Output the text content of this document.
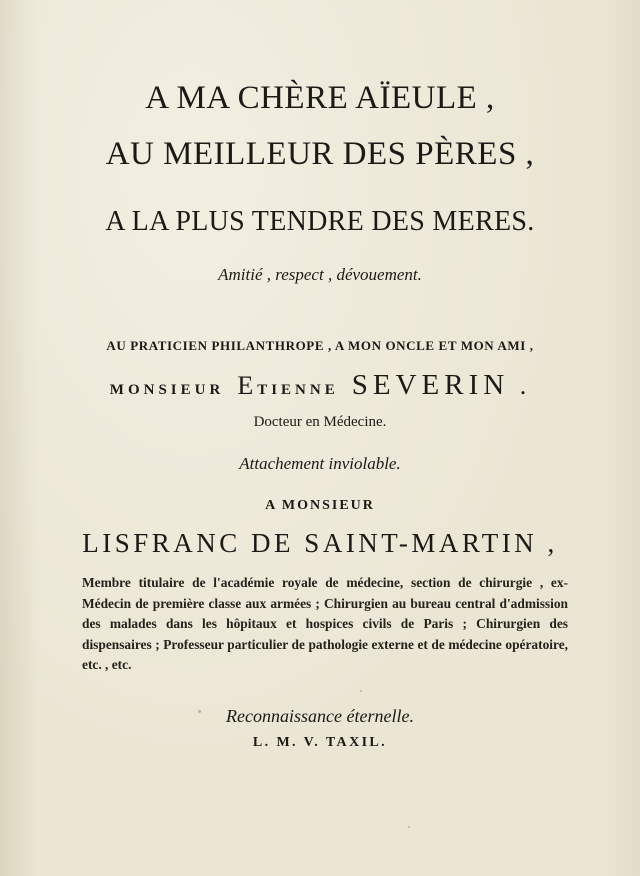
A MA CHÈRE AÏEULE ,
AU MEILLEUR DES PÈRES ,
A LA PLUS TENDRE DES MERES.
Amitié , respect , dévouement.
AU PRATICIEN PHILANTHROPE , A MON ONCLE ET MON AMI ,
MONSIEUR ETIENNE SEVERIN .
Docteur en Médecine.
Attachement inviolable.
A MONSIEUR
LISFRANC DE SAINT-MARTIN ,
Membre titulaire de l'académie royale de médecine, section de chirurgie , ex-Médecin de première classe aux armées ; Chirurgien au bureau central d'admission des malades dans les hôpitaux et hospices civils de Paris ; Chirurgien des dispensaires ; Professeur particulier de pathologie externe et de médecine opératoire, etc. , etc.
Reconnaissance éternelle.
L. M. V. TAXIL.
